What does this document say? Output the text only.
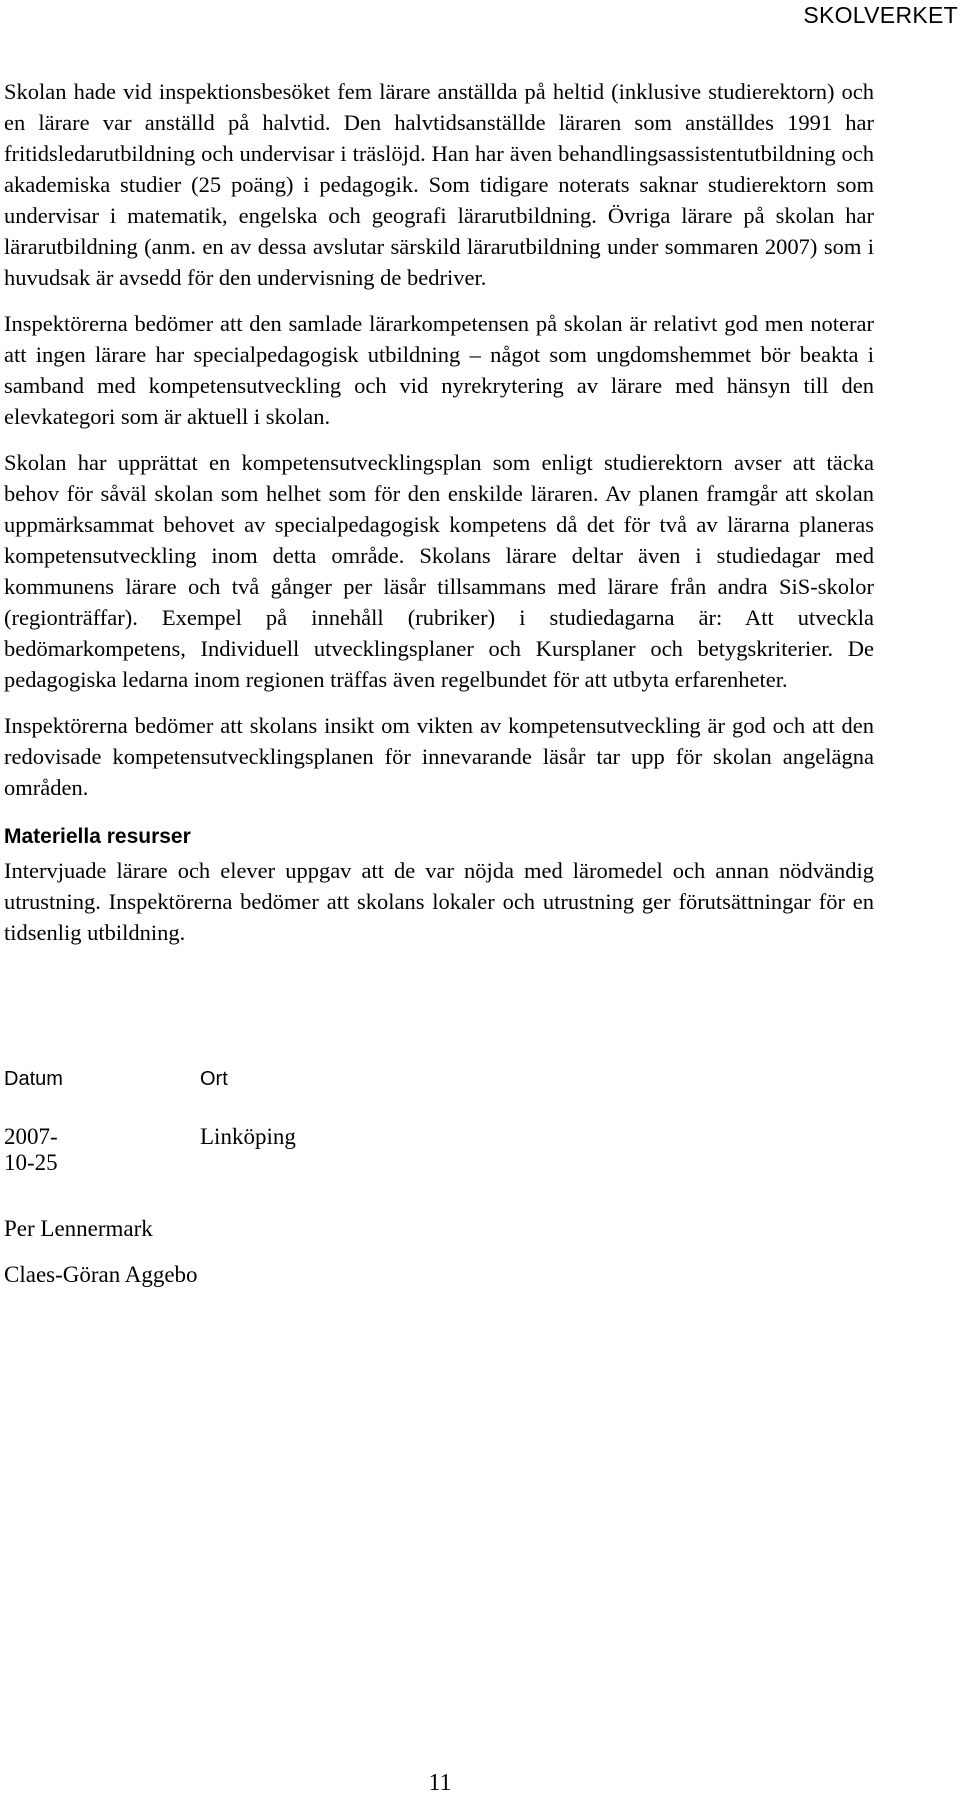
SKOLVERKET

Skolan hade vid inspektionsbesöket fem lärare anställda på heltid (inklusive studierektorn) och en lärare var anställd på halvtid. Den halvtidsanställde läraren som anställdes 1991 har fritidsledarutbildning och undervisar i träslöjd. Han har även behandlingsassistentutbildning och akademiska studier (25 poäng) i pedagogik. Som tidigare noterats saknar studierektorn som undervisar i matematik, engelska och geografi lärarutbildning. Övriga lärare på skolan har lärarutbildning (anm. en av dessa avslutar särskild lärarutbildning under sommaren 2007) som i huvudsak är avsedd för den undervisning de bedriver.

Inspektörerna bedömer att den samlade lärarkompetensen på skolan är relativt god men noterar att ingen lärare har specialpedagogisk utbildning – något som ungdomshemmet bör beakta i samband med kompetensutveckling och vid nyrekrytering av lärare med hänsyn till den elevkategori som är aktuell i skolan.

Skolan har upprättat en kompetensutvecklingsplan som enligt studierektorn avser att täcka behov för såväl skolan som helhet som för den enskilde läraren. Av planen framgår att skolan uppmärksammat behovet av specialpedagogisk kompetens då det för två av lärarna planeras kompetensutveckling inom detta område. Skolans lärare deltar även i studiedagar med kommunens lärare och två gånger per läsår tillsammans med lärare från andra SiS-skolor (regionträffar). Exempel på innehåll (rubriker) i studiedagarna är: Att utveckla bedömarkompetens, Individuell utvecklingsplaner och Kursplaner och betygskriterier. De pedagogiska ledarna inom regionen träffas även regelbundet för att utbyta erfarenheter.

Inspektörerna bedömer att skolans insikt om vikten av kompetensutveckling är god och att den redovisade kompetensutvecklingsplanen för innevarande läsår tar upp för skolan angelägna områden.

Materiella resurser

Intervjuade lärare och elever uppgav att de var nöjda med läromedel och annan nödvändig utrustning. Inspektörerna bedömer att skolans lokaler och utrustning ger förutsättningar för en tidsenlig utbildning.

Datum	Ort
2007-10-25
Linköping
Per Lennermark
Claes-Göran Aggebo
11
